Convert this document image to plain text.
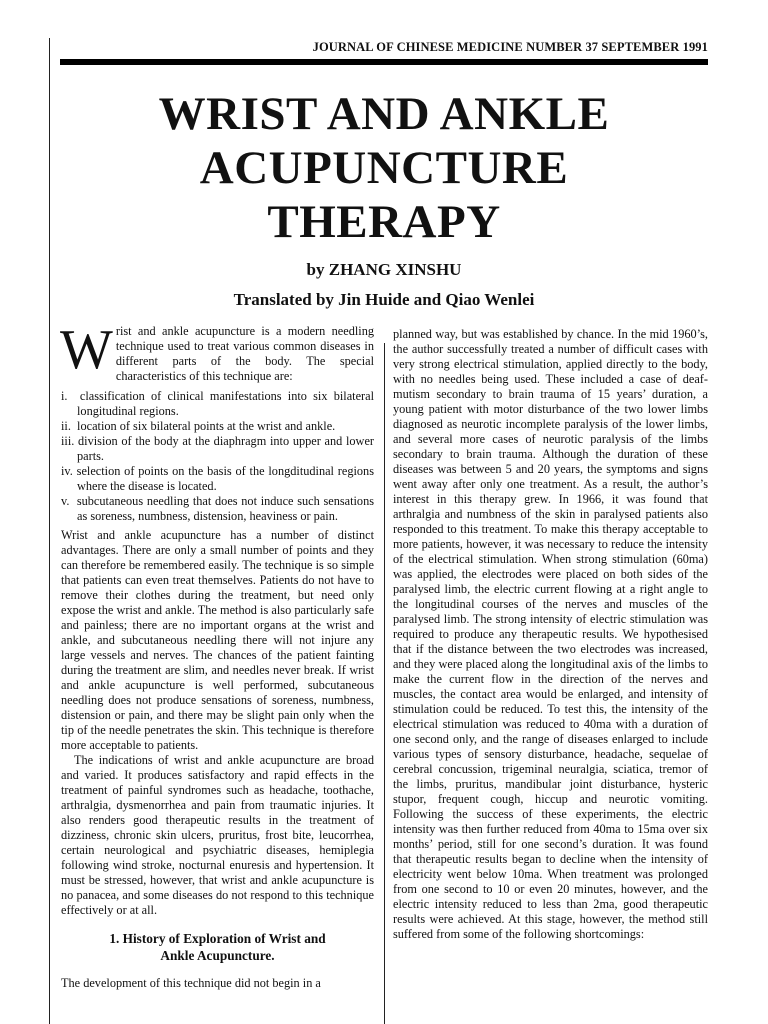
JOURNAL OF CHINESE MEDICINE NUMBER 37 SEPTEMBER 1991
WRIST AND ANKLE
ACUPUNCTURE
THERAPY
by ZHANG XINSHU
Translated by Jin Huide and Qiao Wenlei

Wrist and ankle acupuncture is a modern needling technique used to treat various common diseases in different parts of the body. The special characteristics of this technique are:

i.  classification of clinical manifestations into six bilateral longitudinal regions.
ii.  location of six bilateral points at the wrist and ankle.
iii. division of the body at the diaphragm into upper and lower parts.
iv. selection of points on the basis of the longditudinal regions where the disease is located.
v.  subcutaneous needling that does not induce such sensations as soreness, numbness, distension, heaviness or pain.

Wrist and ankle acupuncture has a number of distinct advantages. There are only a small number of points and they can therefore be remembered easily. The technique is so simple that patients can even treat themselves. Patients do not have to remove their clothes during the treatment, but need only expose the wrist and ankle. The method is also particularly safe and painless; there are no important organs at the wrist and ankle, and subcutaneous needling there will not injure any large vessels and nerves. The chances of the patient fainting during the treatment are slim, and needles never break. If wrist and ankle acupuncture is well performed, subcutaneous needling does not produce sensations of soreness, numbness, distension or pain, and there may be slight pain only when the tip of the needle penetrates the skin. This technique is therefore more acceptable to patients.

The indications of wrist and ankle acupuncture are broad and varied. It produces satisfactory and rapid effects in the treatment of painful syndromes such as headache, toothache, arthralgia, dysmenorrhea and pain from traumatic injuries. It also renders good therapeutic results in the treatment of dizziness, chronic skin ulcers, pruritus, frost bite, leucorrhea, certain neurological and psychiatric diseases, hemiplegia following wind stroke, nocturnal enuresis and hypertension. It must be stressed, however, that wrist and ankle acupuncture is no panacea, and some diseases do not respond to this technique effectively or at all.

1. History of Exploration of Wrist and
Ankle Acupuncture.

The development of this technique did not begin in a

planned way, but was established by chance. In the mid 1960’s, the author successfully treated a number of difficult cases with very strong electrical stimulation, applied directly to the body, with no needles being used. These included a case of deaf-mutism secondary to brain trauma of 15 years’ duration, a young patient with motor disturbance of the two lower limbs diagnosed as neurotic incomplete paralysis of the lower limbs, and several more cases of neurotic paralysis of the limbs secondary to brain trauma. Although the duration of these diseases was between 5 and 20 years, the symptoms and signs went away after only one treatment. As a result, the author’s interest in this therapy grew. In 1966, it was found that arthralgia and numbness of the skin in paralysed patients also responded to this treatment. To make this therapy acceptable to more patients, however, it was necessary to reduce the intensity of the electrical stimulation. When strong stimulation (60ma) was applied, the electrodes were placed on both sides of the paralysed limb, the electric current flowing at a right angle to the longitudinal courses of the nerves and muscles of the paralysed limb. The strong intensity of electric stimulation was required to produce any therapeutic results. We hypothesised that if the distance between the two electrodes was increased, and they were placed along the longitudinal axis of the limbs to make the current flow in the direction of the nerves and muscles, the contact area would be enlarged, and intensity of stimulation could be reduced. To test this, the intensity of the electrical stimulation was reduced to 40ma with a duration of one second only, and the range of diseases enlarged to include various types of sensory disturbance, headache, sequelae of cerebral concussion, trigeminal neuralgia, sciatica, tremor of the limbs, pruritus, mandibular joint disturbance, hysteric stupor, frequent cough, hiccup and neurotic vomiting. Following the success of these experiments, the electric intensity was then further reduced from 40ma to 15ma over six months’ period, still for one second’s duration. It was found that therapeutic results began to decline when the intensity of electricity went below 10ma. When treatment was prolonged from one second to 10 or even 20 minutes, however, and the electric intensity reduced to less than 2ma, good therapeutic results were achieved. At this stage, however, the method still suffered from some of the following shortcomings:
